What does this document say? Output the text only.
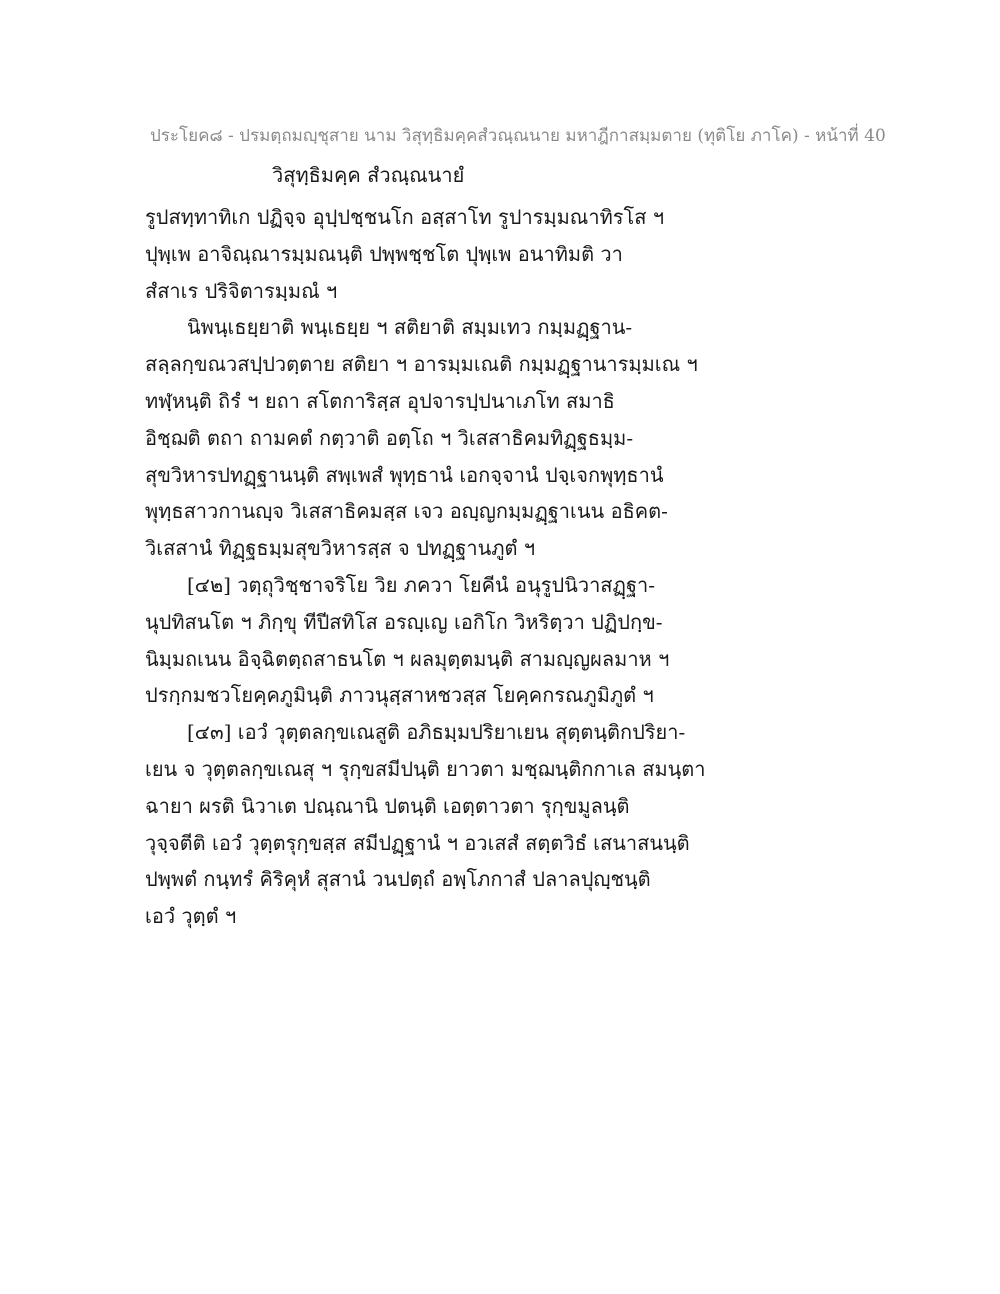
ประโยค๘ - ปรมตฺถมญฺชุสาย นาม วิสุทฺธิมคฺคสํวณฺณนาย มหาฎีกาสมฺมตาย (ทุติโย ภาโค) - หน้าที่ 40
วิสุทฺธิมคฺค สํวณฺณนายํ
รูปสทฺทาทิเก ปฏิจฺจ อุปฺปชฺชนโก อสฺสาโท รูปารมฺมณาทิรโส ฯ
ปุพฺเพ อาจิณฺณารมฺมณนฺติ ปพฺพชฺชโต ปุพฺเพ อนาทิมติ วา
สํสาเร ปริจิตารมฺมณํ ฯ
นิพนฺเธยฺยาติ พนฺเธยฺย ฯ สติยาติ สมฺมเทว กมฺมฏฺฐาน-
สลฺลกฺขณวสปฺปวตฺตาย สติยา ฯ อารมฺมเณติ กมฺมฏฺฐานารมฺมเณ ฯ
ทฬฺหนฺติ ถิรํ ฯ ยถา สโตการิสฺส อุปจารปฺปนาเภโท สมาธิ
อิชฺฌติ ตถา ถามคตํ กตฺวาติ อตฺโถ ฯ วิเสสาธิคมทิฏฺฐธมฺม-
สุขวิหารปทฏฺฐานนฺติ สพฺเพสํ พุทฺธานํ เอกจฺจานํ ปจฺเจกพุทฺธานํ
พุทฺธสาวกานญฺจ วิเสสาธิคมสฺส เจว อญฺญกมฺมฏฺฐาเนน อธิคต-
วิเสสานํ ทิฏฺฐธมฺมสุขวิหารสฺส จ ปทฏฺฐานภูตํ ฯ
[๔๒] วตฺถุวิชฺชาจริโย วิย ภควา โยคีนํ อนุรูปนิวาสฏฺฐา-
นุปทิสนโต ฯ ภิกฺขุ ทีปีสทิโส อรญฺเญ เอกิโก วิหริตฺวา ปฏิปกฺข-
นิมฺมถเนน อิจฺฉิตตฺถสาธนโต ฯ ผลมุตฺตมนฺติ สามญฺญผลมาห ฯ
ปรกฺกมชวโยคฺคภูมินฺติ ภาวนุสฺสาหชวสฺส โยคฺคกรณภูมิภูตํ ฯ
[๔๓] เอวํ วุตฺตลกฺขเณสูติ อภิธมฺมปริยาเยน สุตฺตนฺติกปริยา-
เยน จ วุตฺตลกฺขเณสุ ฯ รุกฺขสมีปนฺติ ยาวตา มชฺฌนฺติกกาเล สมนฺตา
ฉายา ผรติ นิวาเต ปณฺณานิ ปตนฺติ เอตฺตาวตา รุกฺขมูลนฺติ
วุจฺจตีติ เอวํ วุตฺตรุกฺขสฺส สมีปฏฺฐานํ ฯ อวเสสํ สตฺตวิธํ เสนาสนนฺติ
ปพฺพตํ กนฺทรํ คิริคุหํ สุสานํ วนปตฺถํ อพฺโภกาสํ ปลาลปุญฺชนฺติ
เอวํ วุตฺตํ ฯ
